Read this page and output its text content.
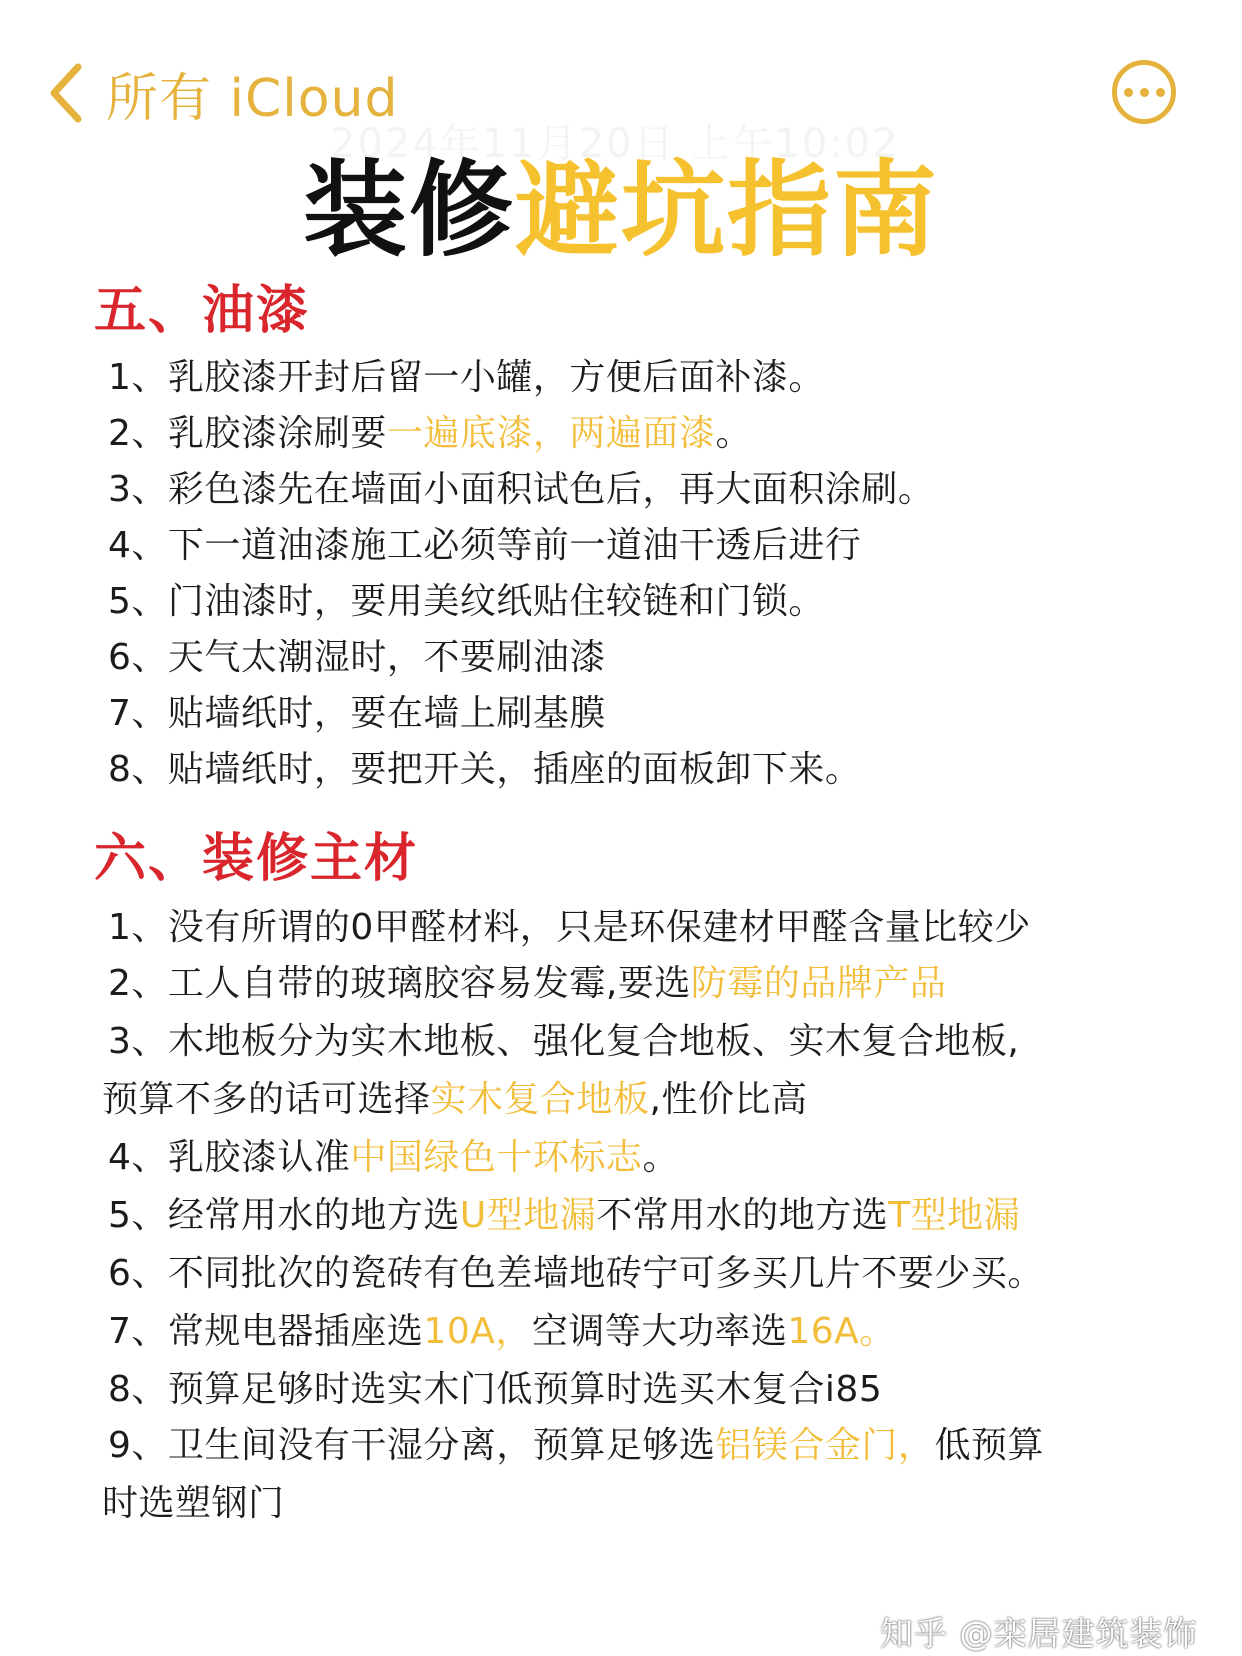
所有 iCloud
2024年11月20日 上午10:02
装修避坑指南
五、油漆
1、乳胶漆开封后留一小罐，方便后面补漆。
2、乳胶漆涂刷要一遍底漆，两遍面漆。
3、彩色漆先在墙面小面积试色后，再大面积涂刷。
4、下一道油漆施工必须等前一道油干透后进行
5、门油漆时，要用美纹纸贴住较链和门锁。
6、天气太潮湿时，不要刷油漆
7、贴墙纸时，要在墙上刷基膜
8、贴墙纸时，要把开关，插座的面板卸下来。
六、装修主材
1、没有所谓的0甲醛材料，只是环保建材甲醛含量比较少
2、工人自带的玻璃胶容易发霉,要选防霉的品牌产品
3、木地板分为实木地板、强化复合地板、实木复合地板,
预算不多的话可选择实木复合地板,性价比高
4、乳胶漆认准中国绿色十环标志。
5、经常用水的地方选U型地漏不常用水的地方选T型地漏
6、不同批次的瓷砖有色差墙地砖宁可多买几片不要少买。
7、常规电器插座选10A，空调等大功率选16A。
8、预算足够时选实木门低预算时选买木复合i85
9、卫生间没有干湿分离，预算足够选铝镁合金门，低预算
时选塑钢门
知乎 @栾居建筑装饰
